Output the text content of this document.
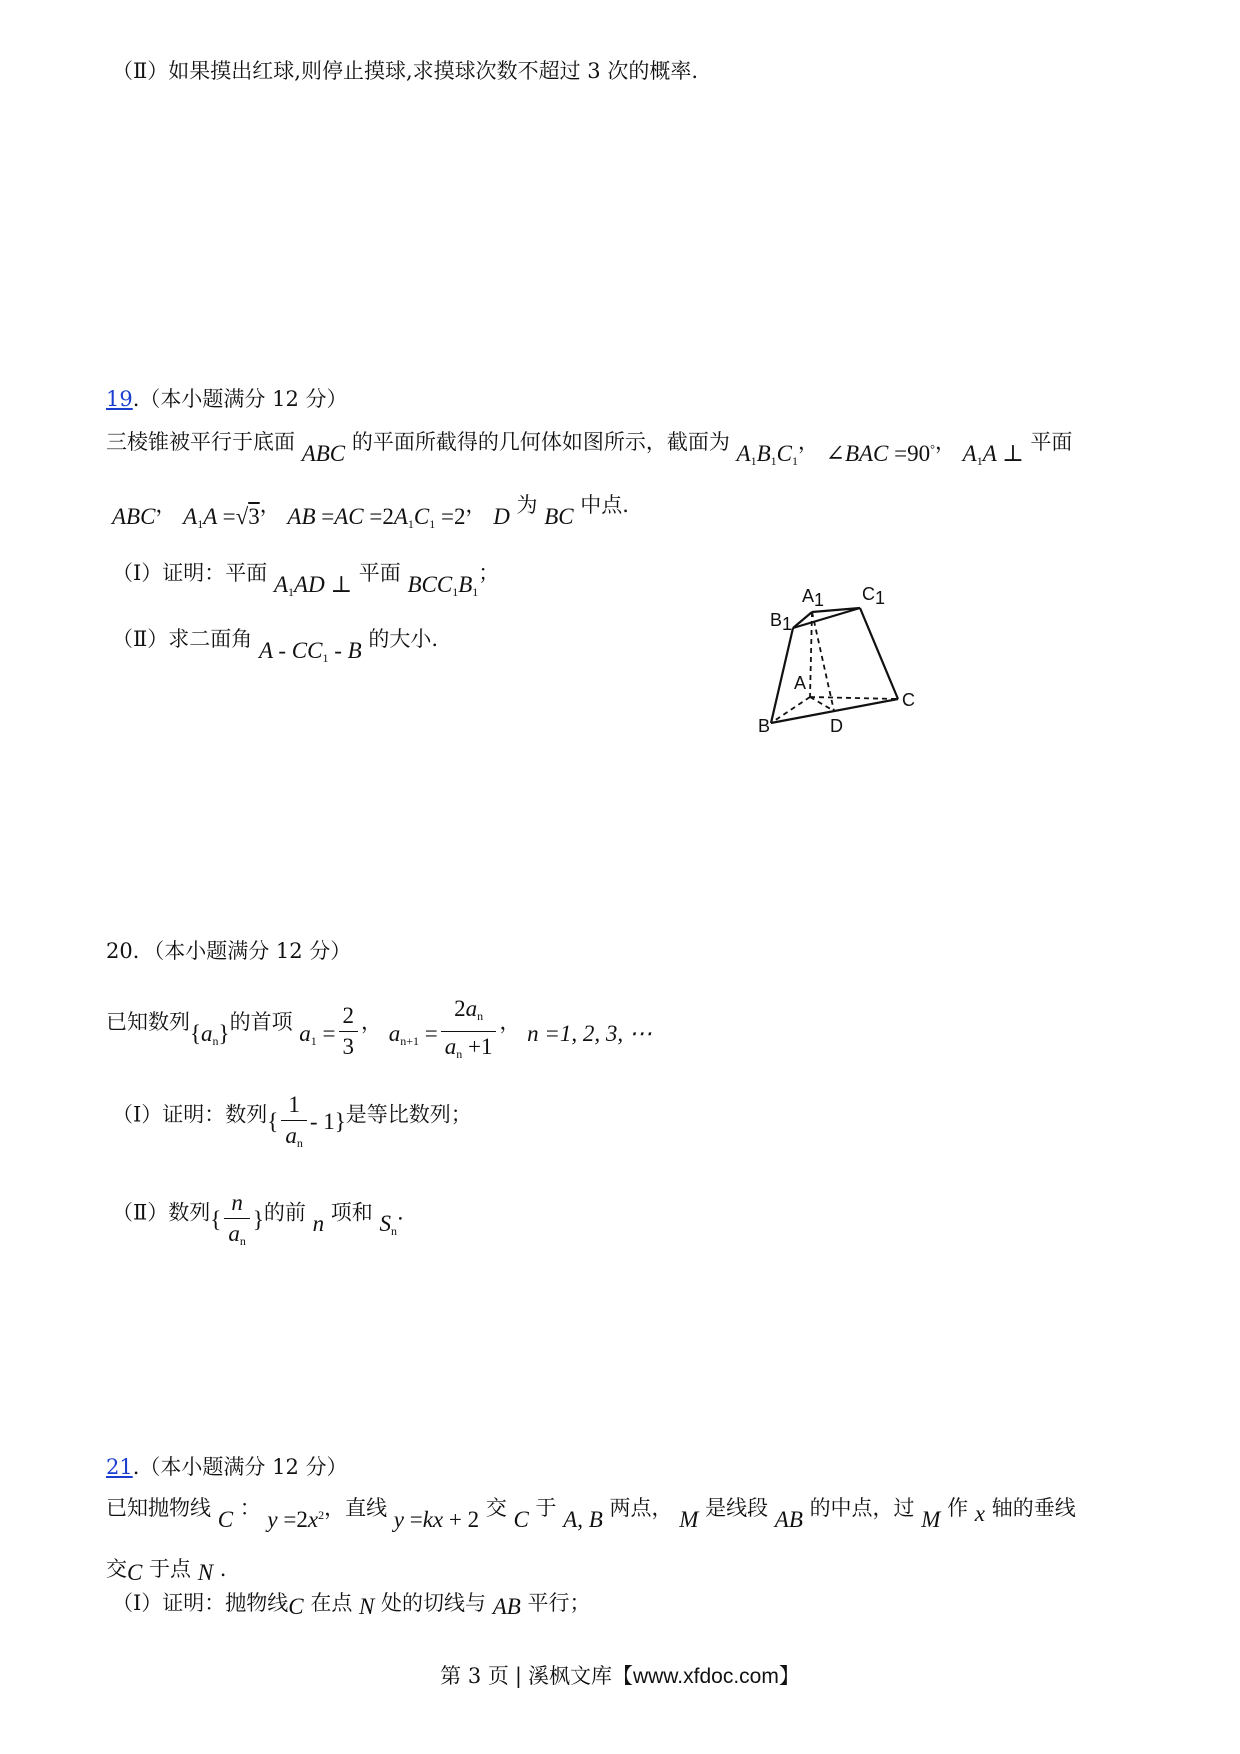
（Ⅱ）如果摸出红球,则停止摸球,求摸球次数不超过 3 次的概率.
19.（本小题满分 12 分）
三棱锥被平行于底面 ABC 的平面所截得的几何体如图所示，截面为 $A_1B_1C_1$， ∠BAC =90°， $A_1A$ ⊥ 平面
ABC， $A_1A =√3$， AB $=AC =2A_1C_1 =2$， D 为 BC 中点.
（Ⅰ）证明：平面 $A_1AD$ ⊥ 平面 $BCC_1B_1$；
（Ⅱ）求二面角 A - $CC_1$ - B 的大小.
A1 C1
B1
A
C
B	D
20．（本小题满分 12 分）
已知数列$\{a_n\}$的首项 $a_1 = \frac{2}{3}$ ， $a_{n+1} = \frac{2a_n}{a_n +1}$ ， n =1, 2, 3, ⋯
（Ⅰ）证明：数列{ $\frac{1}{a_n} - 1$}是等比数列；
（Ⅱ）数列{ $\frac{n}{a_n}$ }的前 n 项和 $S_n$.
21.（本小题满分 12 分）
已知抛物线 C ： $y =2x^2$，直线 y =kx + 2 交 C 于 A, B 两点， M 是线段 AB 的中点，过 M 作 x 轴的垂线
交C 于点 N .
（Ⅰ）证明：抛物线C 在点 N 处的切线与 AB 平行；
第 3 页 | 溪枫文库【www.xfdoc.com】
